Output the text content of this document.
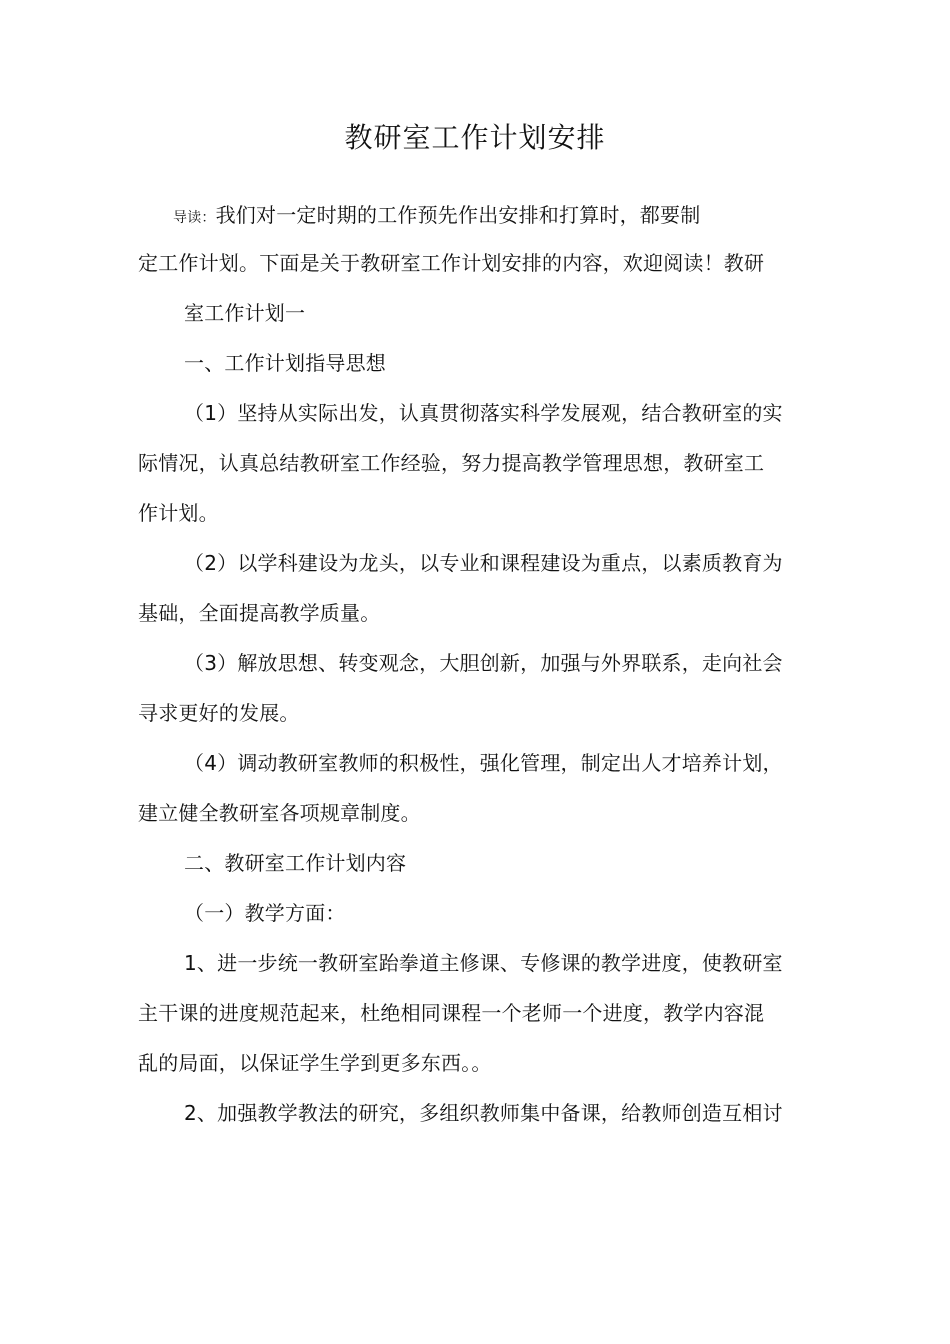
教研室工作计划安排
导读：我们对一定时期的工作预先作出安排和打算时，都要制
定工作计划。下面是关于教研室工作计划安排的内容，欢迎阅读！教研
室工作计划一
一、工作计划指导思想
（1）坚持从实际出发，认真贯彻落实科学发展观，结合教研室的实
际情况，认真总结教研室工作经验，努力提高教学管理思想，教研室工
作计划。
（2）以学科建设为龙头，以专业和课程建设为重点，以素质教育为
基础，全面提高教学质量。
（3）解放思想、转变观念，大胆创新，加强与外界联系，走向社会
寻求更好的发展。
（4）调动教研室教师的积极性，强化管理，制定出人才培养计划，
建立健全教研室各项规章制度。
二、教研室工作计划内容
（一）教学方面：
1、进一步统一教研室跆拳道主修课、专修课的教学进度，使教研室
主干课的进度规范起来，杜绝相同课程一个老师一个进度，教学内容混
乱的局面，以保证学生学到更多东西。。
2、加强教学教法的研究，多组织教师集中备课，给教师创造互相讨
